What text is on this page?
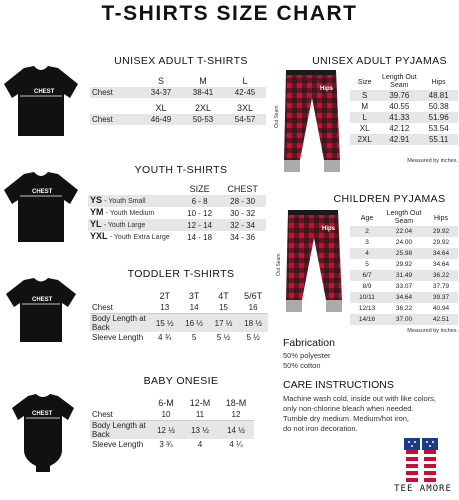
T-SHIRTS SIZE CHART
CHEST
UNISEX ADULT T-SHIRTS
	S	M	L
Chest	34-37	38-41	42-45

	XL	2XL	3XL
Chest	46-49	50-53	54-57
CHEST
YOUTH T-SHIRTS
	SIZE	CHEST
YS - Youth Small	6 - 8	28 - 30
YM - Youth Medium	10 - 12	30 - 32
YL - Youth Large	12 - 14	32 - 34
YXL - Youth Extra Large	14 - 18	34 - 36
CHEST
TODDLER T-SHIRTS
	2T	3T	4T	5/6T
Chest	13	14	15	16
Body Length at Back	15 ½	16 ½	17 ½	18 ½
Sleeve Length	4 ¾	5	5 ½	5 ½
CHEST
BABY ONESIE
	6-M	12-M	18-M
Chest	10	11	12
Body Length at Back	12 ½	13 ½	14 ½
Sleeve Length	3 ¾	4	4 ¼
UNISEX ADULT PYJAMAS
Out Seam
Hips
Size	Length Out Seam	Hips
S	39.76	48.81
M	40.55	50.38
L	41.33	51.96
XL	42.12	53.54
2XL	42.91	55.11
Measured by inches.
CHILDREN PYJAMAS
Out Seam
Hips
Age	Length Out Seam	Hips
2	22.04	29.92
3	24.00	29.92
4	25.98	34.64
5	29.92	34.64
6/7	31.49	36.22
8/9	33.07	37.79
10/11	34.64	39.37
12/13	36.22	40.94
14/16	37.00	42.51
Measured by inches.
Fabrication
50% polyester
50% cotton
CARE INSTRUCTIONS
Machine wash cold, inside out with like colors,
only non-chlorine bleach when needed.
Tumble dry medium. Medium/hot iron,
do not iron decoration.
TEE AMORE
